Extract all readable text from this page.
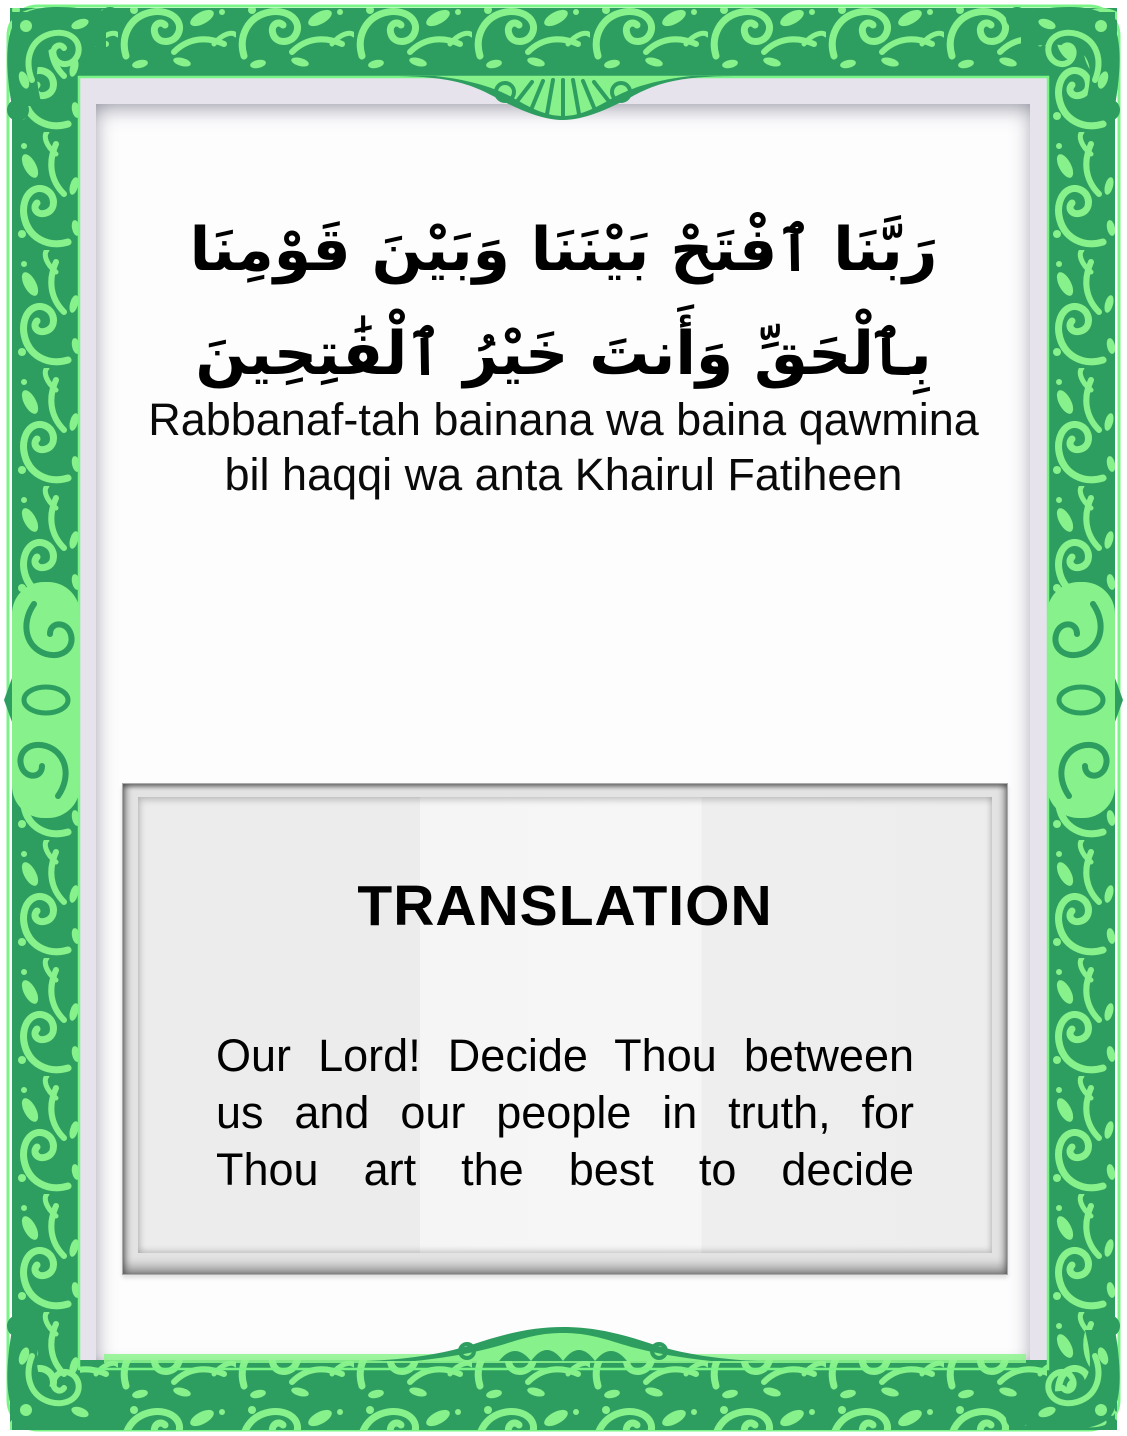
رَبَّنَا ٱفْتَحْ بَيْنَنَا وَبَيْنَ قَوْمِنَا بِٱلْحَقِّ وَأَنتَ خَيْرُ ٱلْفَٰتِحِينَ
Rabbanaf-tah bainana wa baina qawmina
bil haqqi wa anta Khairul Fatiheen
TRANSLATION
Our Lord! Decide Thou between
us and our people in truth, for
Thou art the best to decide
